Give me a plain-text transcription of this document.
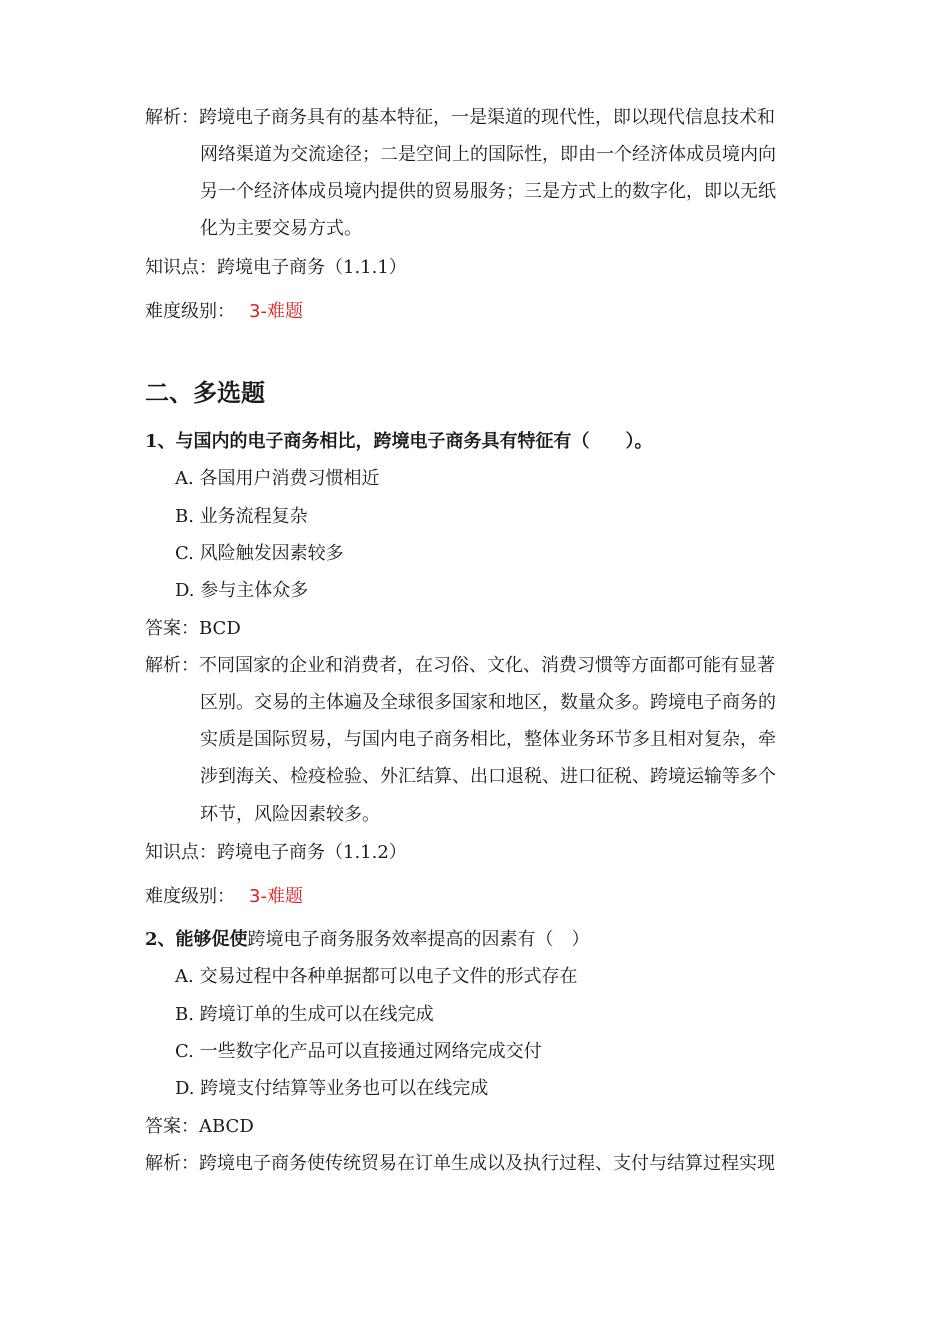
解析： 跨境电子商务具有的基本特征，一是渠道的现代性，即以现代信息技术和
网络渠道为交流途径；二是空间上的国际性，即由一个经济体成员境内向
另一个经济体成员境内提供的贸易服务；三是方式上的数字化，即以无纸
化为主要交易方式。
知识点：跨境电子商务（1.1.1）
难度级别： 3-难题
二、多选题
1、与国内的电子商务相比，跨境电子商务具有特征有（　　）。
A. 各国用户消费习惯相近
B. 业务流程复杂
C. 风险触发因素较多
D. 参与主体众多
答案：BCD
解析： 不同国家的企业和消费者，在习俗、文化、消费习惯等方面都可能有显著
区别。交易的主体遍及全球很多国家和地区，数量众多。跨境电子商务的
实质是国际贸易，与国内电子商务相比，整体业务环节多且相对复杂，牵
涉到海关、检疫检验、外汇结算、出口退税、进口征税、跨境运输等多个
环节，风险因素较多。
知识点：跨境电子商务（1.1.2）
难度级别： 3-难题
2、能够促使跨境电子商务服务效率提高的因素有（　）
A. 交易过程中各种单据都可以电子文件的形式存在
B. 跨境订单的生成可以在线完成
C. 一些数字化产品可以直接通过网络完成交付
D. 跨境支付结算等业务也可以在线完成
答案：ABCD
解析： 跨境电子商务使传统贸易在订单生成以及执行过程、支付与结算过程实现
